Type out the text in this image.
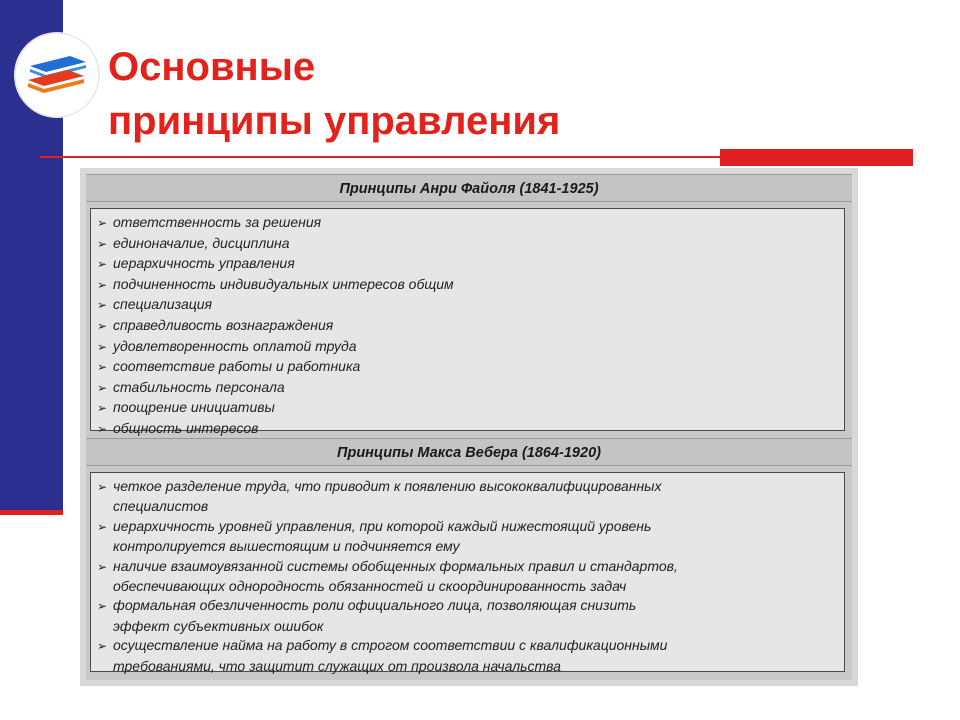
Основные
принципы управления
Принципы Анри Файоля (1841-1925)
➢ ответственность за решения
➢ единоначалие, дисциплина
➢ иерархичность управления
➢ подчиненность индивидуальных интересов общим
➢ специализация
➢ справедливость вознаграждения
➢ удовлетворенность оплатой труда
➢ соответствие работы и работника
➢ стабильность персонала
➢ поощрение инициативы
➢ общность интересов
Принципы Макса Вебера (1864-1920)
➢ четкое разделение труда, что приводит к появлению высококвалифицированных
специалистов
➢ иерархичность уровней управления, при которой каждый нижестоящий уровень
контролируется вышестоящим и подчиняется ему
➢ наличие взаимоувязанной системы обобщенных формальных правил и стандартов,
обеспечивающих однородность обязанностей и скоординированность задач
➢ формальная обезличенность роли официального лица, позволяющая снизить
эффект субъективных ошибок
➢ осуществление найма на работу в строгом соответствии с квалификационными
требованиями, что защитит служащих от произвола начальства
